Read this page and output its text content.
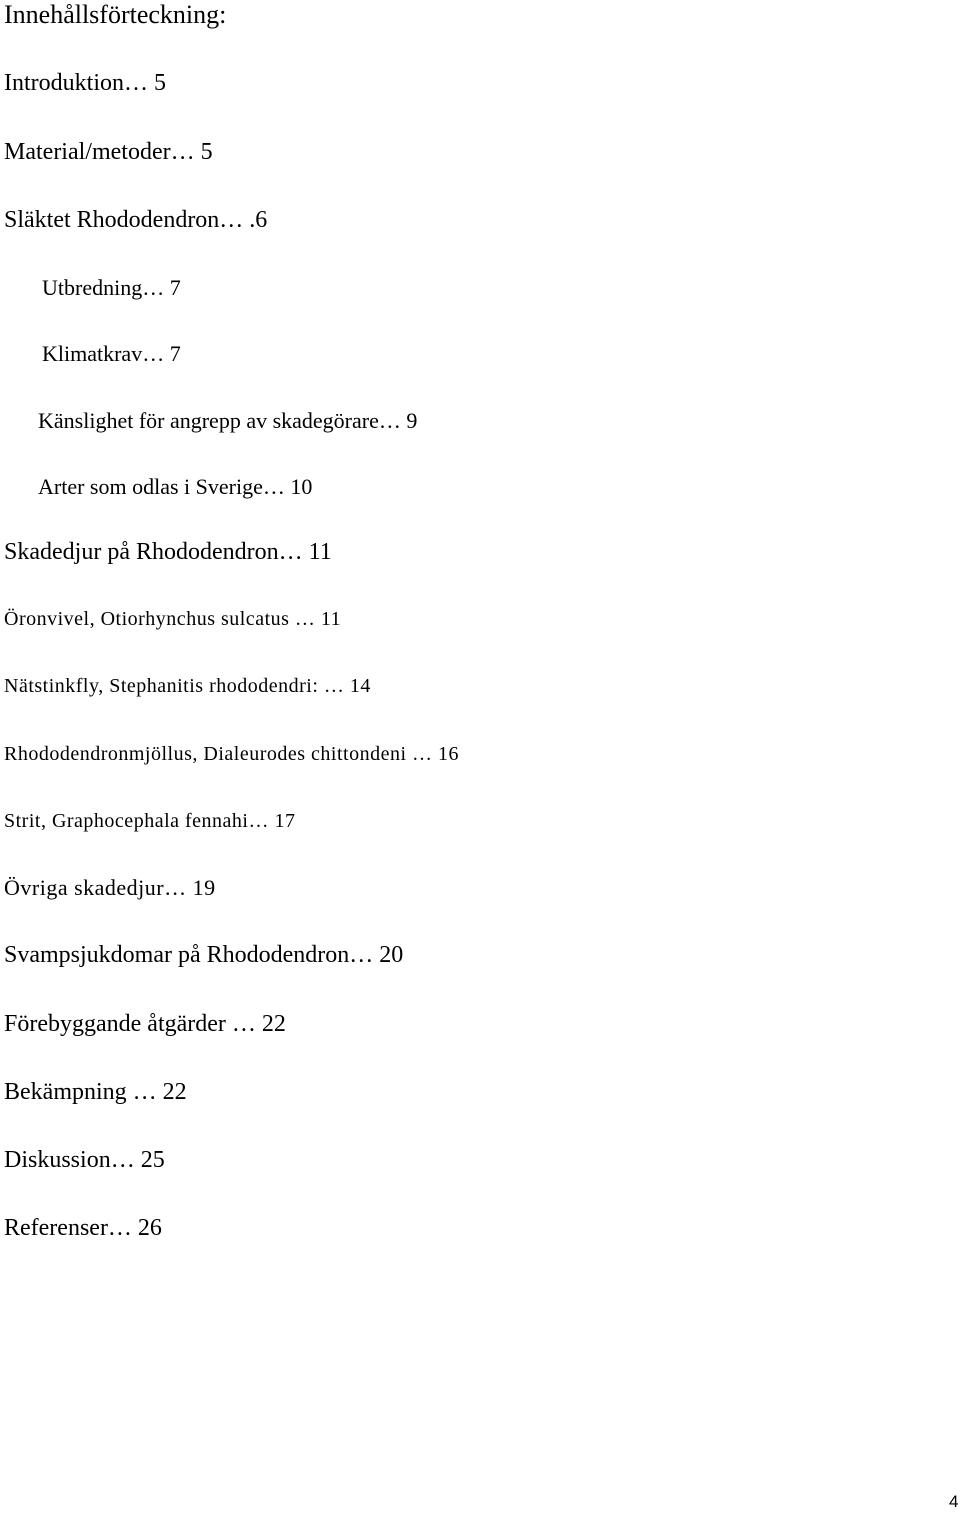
Innehållsförteckning:
Introduktion… 5
Material/metoder… 5
Släktet Rhododendron… .6
Utbredning… 7
Klimatkrav… 7
Känslighet för angrepp av skadegörare… 9
Arter som odlas i Sverige… 10
Skadedjur på Rhododendron… 11
Öronvivel, Otiorhynchus sulcatus … 11
Nätstinkfly, Stephanitis rhododendri: … 14
Rhododendronmjöllus, Dialeurodes chittondeni … 16
Strit, Graphocephala fennahi… 17
Övriga skadedjur… 19
Svampsjukdomar på Rhododendron… 20
Förebyggande åtgärder … 22
Bekämpning … 22
Diskussion… 25
Referenser… 26
4
